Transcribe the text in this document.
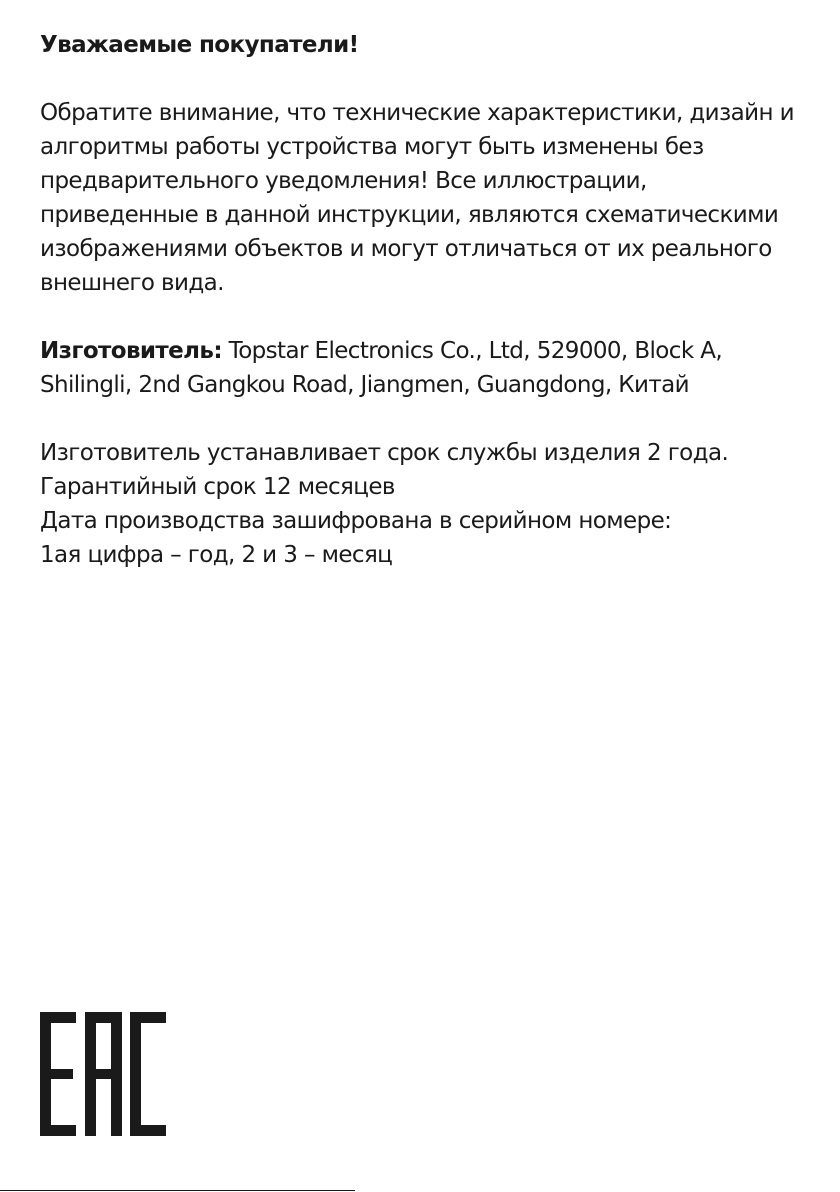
Уважаемые покупатели!
Обратите внимание, что технические характеристики, дизайн и
алгоритмы работы устройства могут быть изменены без
предварительного уведомления! Все иллюстрации,
приведенные в данной инструкции, являются схематическими
изображениями объектов и могут отличаться от их реального
внешнего вида.
Изготовитель: Topstar Electronics Co., Ltd, 529000, Block A,
Shilingli, 2nd Gangkou Road, Jiangmen, Guangdong, Китай
Изготовитель устанавливает срок службы изделия 2 года.
Гарантийный срок 12 месяцев
Дата производства зашифрована в серийном номере:
1ая цифра – год, 2 и 3 – месяц
